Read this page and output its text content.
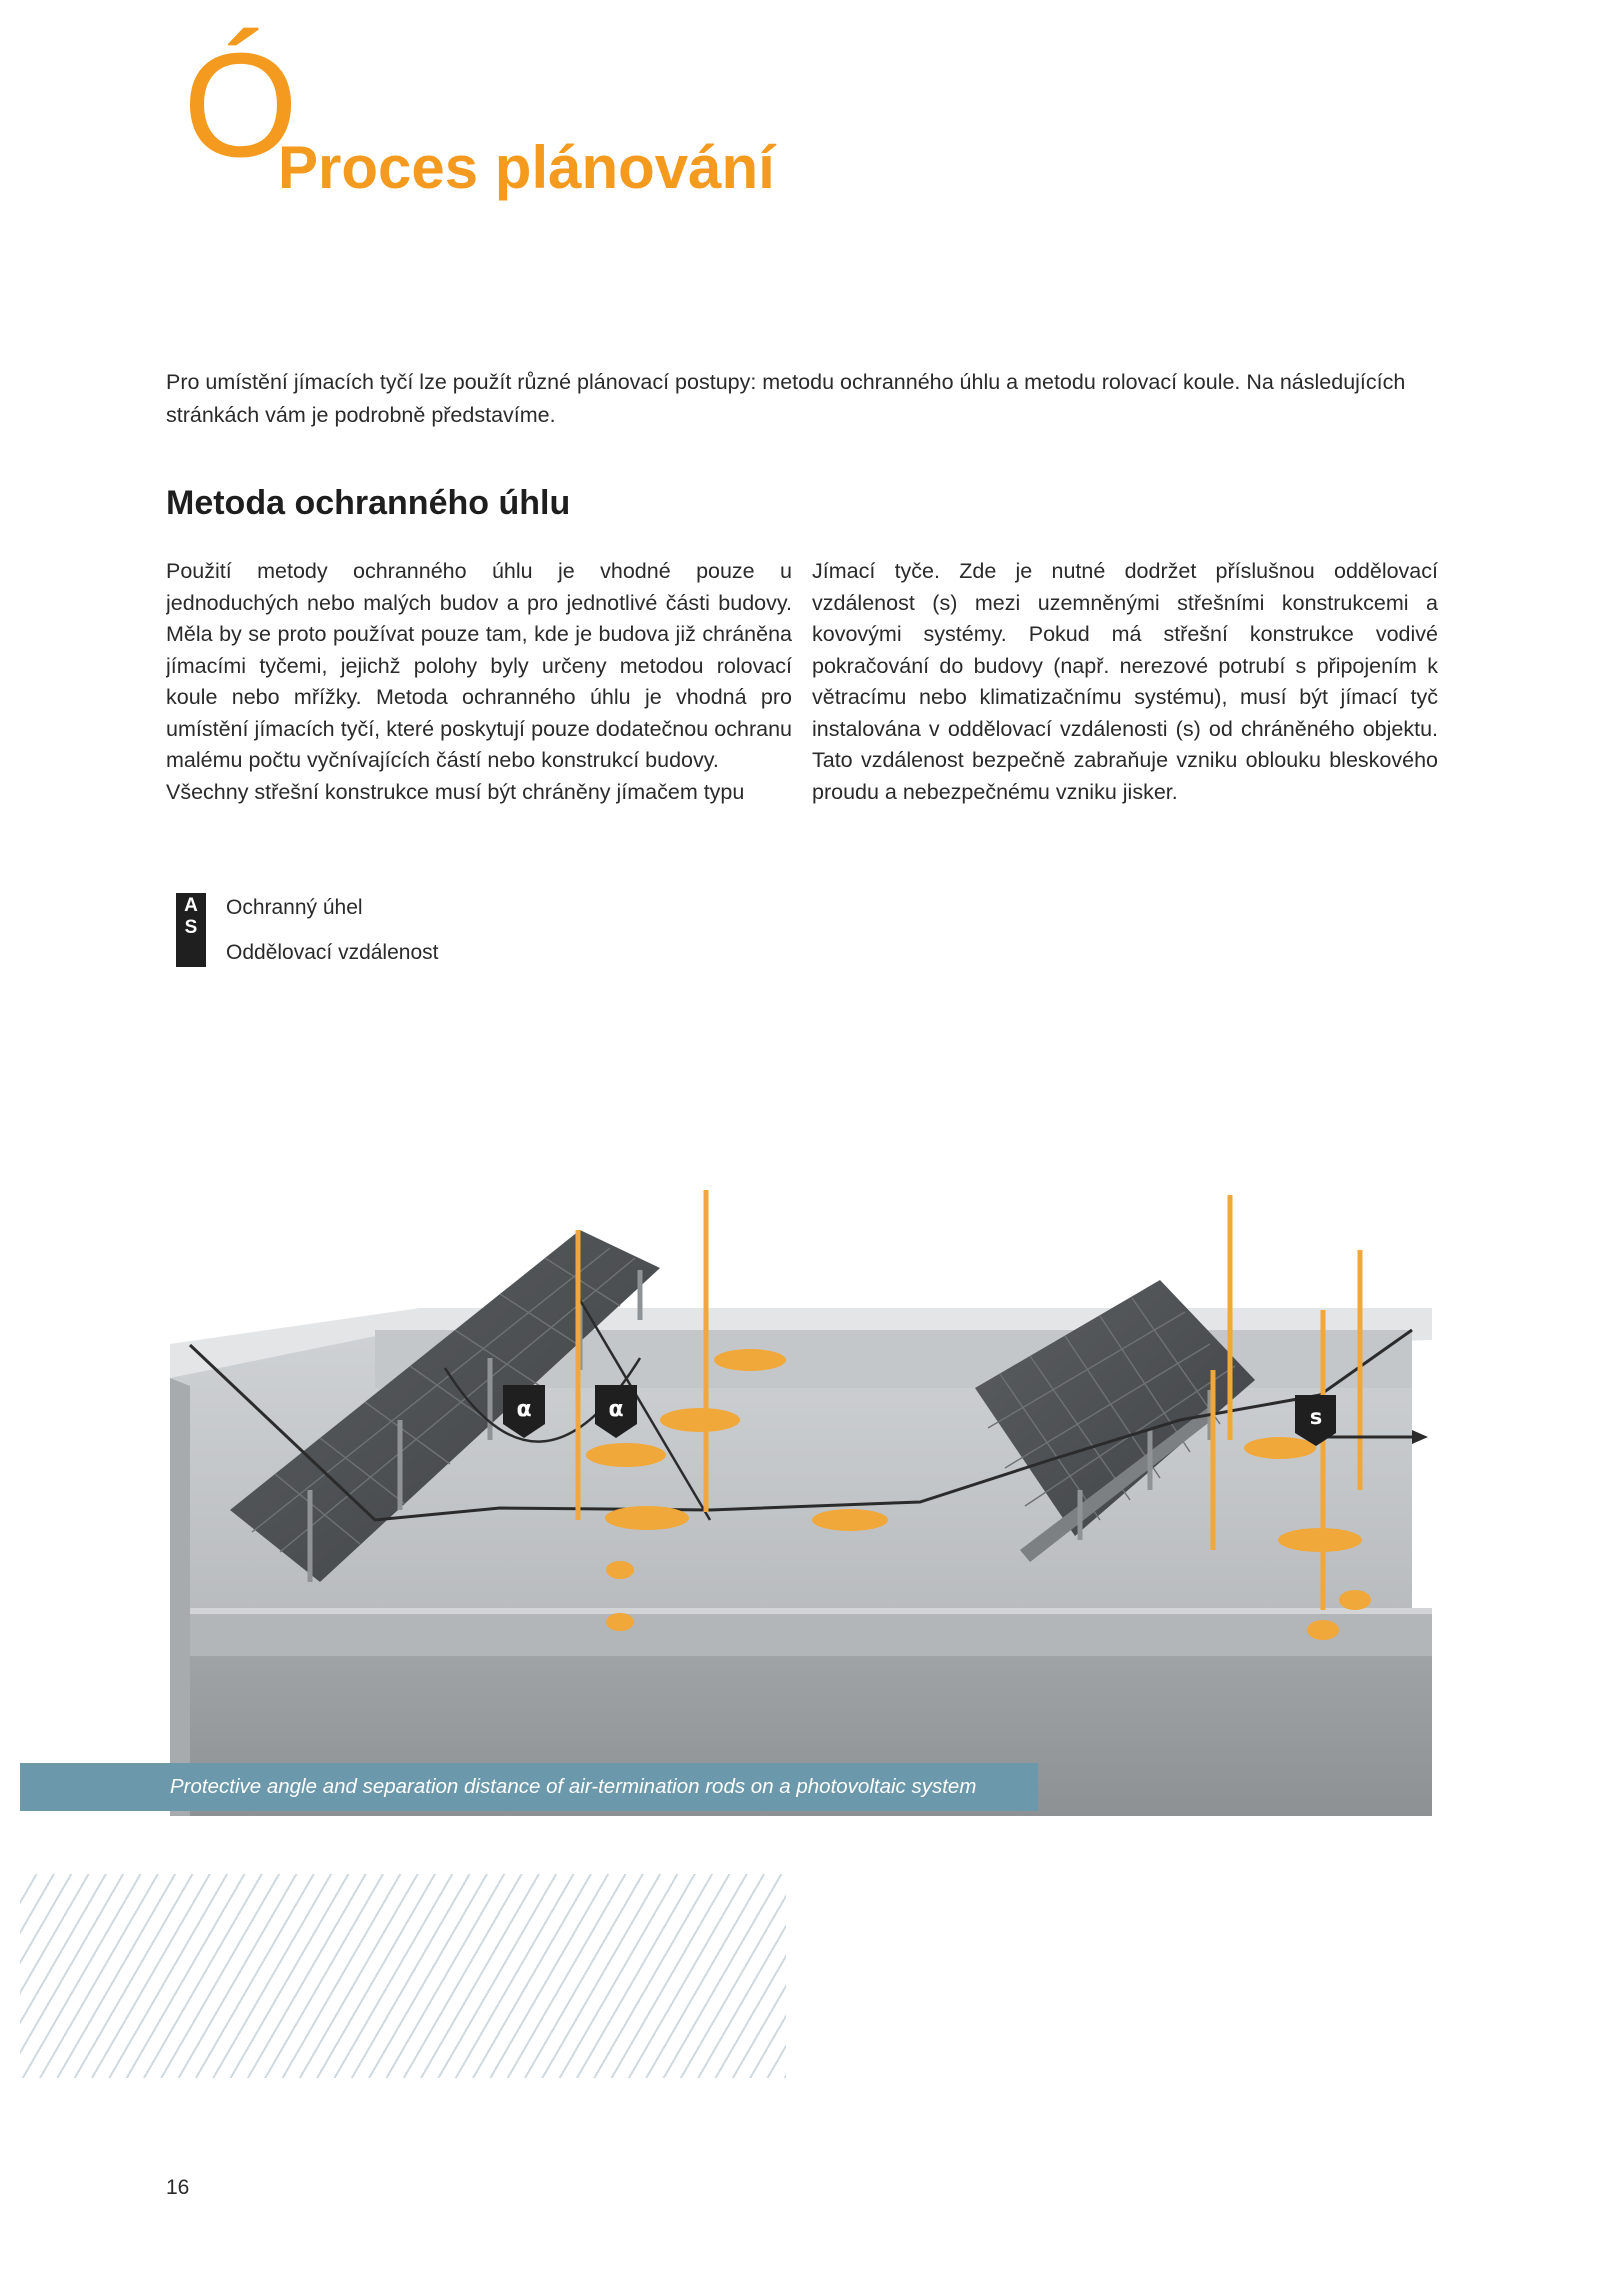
Ó
Proces plánování
Pro umístění jímacích tyčí lze použít různé plánovací postupy: metodu ochranného úhlu a metodu rolovací koule. Na následujících stránkách vám je podrobně představíme.
Metoda ochranného úhlu

Použití metody ochranného úhlu je vhodné pouze u jednoduchých nebo malých budov a pro jednotlivé části budovy. Měla by se proto používat pouze tam, kde je budova již chráněna jímacími tyčemi, jejichž polohy byly určeny metodou rolovací koule nebo mřížky. Metoda ochranného úhlu je vhodná pro umístění jímacích tyčí, které poskytují pouze dodatečnou ochranu malému počtu vyčnívajících částí nebo konstrukcí budovy.

Všechny střešní konstrukce musí být chráněny jímačem typu

Jímací tyče. Zde je nutné dodržet příslušnou oddělovací vzdálenost (s) mezi uzemněnými střešními konstrukcemi a kovovými systémy. Pokud má střešní konstrukce vodivé pokračování do budovy (např. nerezové potrubí s připojením k větracímu nebo klimatizačnímu systému), musí být jímací tyč instalována v oddělovací vzdálenosti (s) od chráněného objektu. Tato vzdálenost bezpečně zabraňuje vzniku oblouku bleskového proudu a nebezpečnému vzniku jisker.

A
S
Ochranný úhel
Oddělovací vzdálenost
α	α	s
Protective angle and separation distance of air-termination rods on a photovoltaic system
16
